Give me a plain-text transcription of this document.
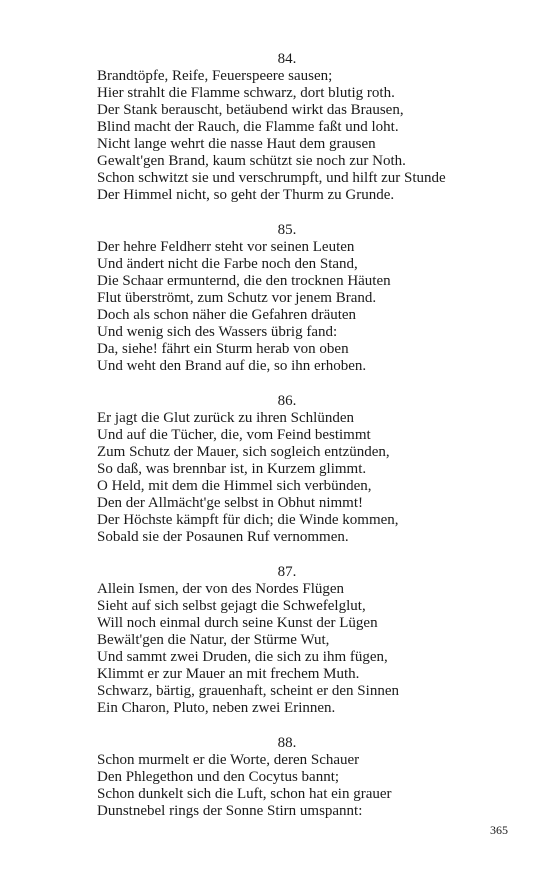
84.
Brandtöpfe, Reife, Feuerspeere sausen;
Hier strahlt die Flamme schwarz, dort blutig roth.
Der Stank berauscht, betäubend wirkt das Brausen,
Blind macht der Rauch, die Flamme faßt und loht.
Nicht lange wehrt die nasse Haut dem grausen
Gewalt'gen Brand, kaum schützt sie noch zur Noth.
Schon schwitzt sie und verschrumpft, und hilft zur Stunde
Der Himmel nicht, so geht der Thurm zu Grunde.
85.
Der hehre Feldherr steht vor seinen Leuten
Und ändert nicht die Farbe noch den Stand,
Die Schaar ermunternd, die den trocknen Häuten
Flut überströmt, zum Schutz vor jenem Brand.
Doch als schon näher die Gefahren dräuten
Und wenig sich des Wassers übrig fand:
Da, siehe! fährt ein Sturm herab von oben
Und weht den Brand auf die, so ihn erhoben.
86.
Er jagt die Glut zurück zu ihren Schlünden
Und auf die Tücher, die, vom Feind bestimmt
Zum Schutz der Mauer, sich sogleich entzünden,
So daß, was brennbar ist, in Kurzem glimmt.
O Held, mit dem die Himmel sich verbünden,
Den der Allmächt'ge selbst in Obhut nimmt!
Der Höchste kämpft für dich; die Winde kommen,
Sobald sie der Posaunen Ruf vernommen.
87.
Allein Ismen, der von des Nordes Flügen
Sieht auf sich selbst gejagt die Schwefelglut,
Will noch einmal durch seine Kunst der Lügen
Bewält'gen die Natur, der Stürme Wut,
Und sammt zwei Druden, die sich zu ihm fügen,
Klimmt er zur Mauer an mit frechem Muth.
Schwarz, bärtig, grauenhaft, scheint er den Sinnen
Ein Charon, Pluto, neben zwei Erinnen.
88.
Schon murmelt er die Worte, deren Schauer
Den Phlegethon und den Cocytus bannt;
Schon dunkelt sich die Luft, schon hat ein grauer
Dunstnebel rings der Sonne Stirn umspannt:
365
